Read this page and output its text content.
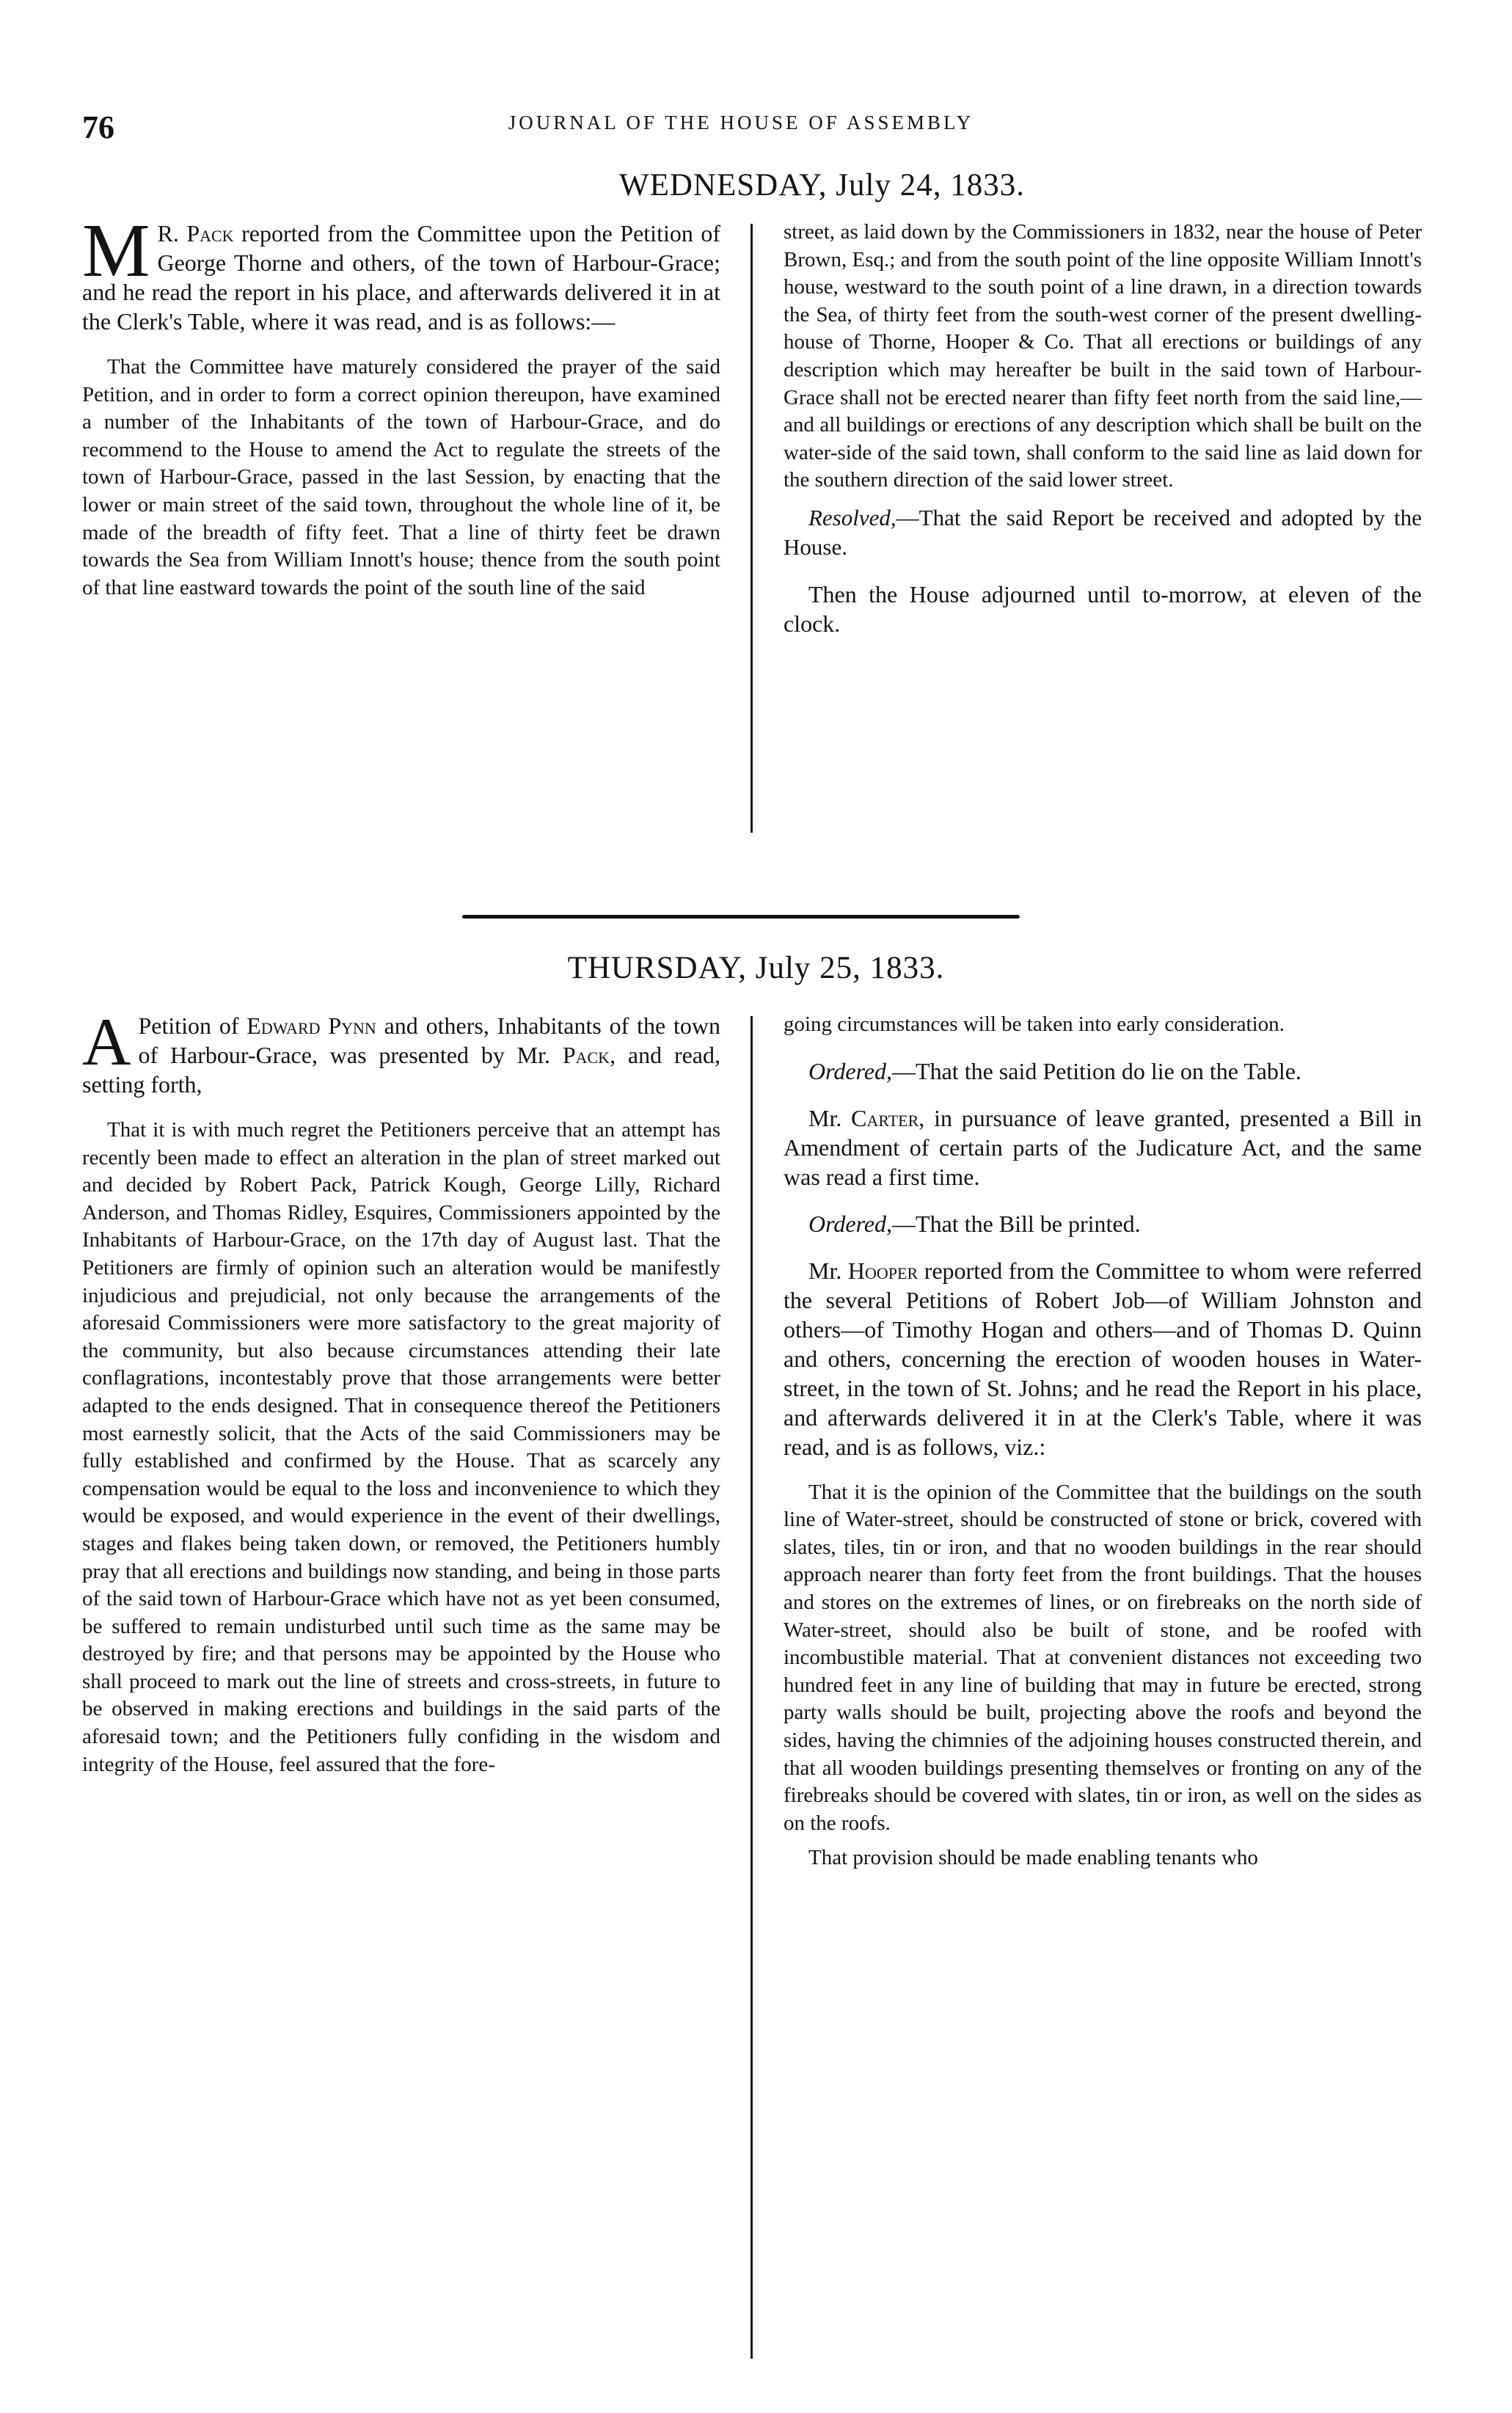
76	JOURNAL OF THE HOUSE OF ASSEMBLY
WEDNESDAY, July 24, 1833.

M R. Pack reported from the Committee upon the Petition of George Thorne and others, of the town of Harbour-Grace; and he read the report in his place, and afterwards delivered it in at the Clerk's Table, where it was read, and is as follows:—

That the Committee have maturely considered the prayer of the said Petition, and in order to form a correct opinion thereupon, have examined a number of the Inhabitants of the town of Harbour-Grace, and do recommend to the House to amend the Act to regulate the streets of the town of Harbour-Grace, passed in the last Session, by enacting that the lower or main street of the said town, throughout the whole line of it, be made of the breadth of fifty feet. That a line of thirty feet be drawn towards the Sea from William Innott's house; thence from the south point of that line eastward towards the point of the south line of the said

street, as laid down by the Commissioners in 1832, near the house of Peter Brown, Esq.; and from the south point of the line opposite William Innott's house, westward to the south point of a line drawn, in a direction towards the Sea, of thirty feet from the south-west corner of the present dwelling-house of Thorne, Hooper & Co. That all erections or buildings of any description which may hereafter be built in the said town of Harbour-Grace shall not be erected nearer than fifty feet north from the said line,—and all buildings or erections of any description which shall be built on the water-side of the said town, shall conform to the said line as laid down for the southern direction of the said lower street.

Resolved,—That the said Report be received and adopted by the House.

Then the House adjourned until to-morrow, at eleven of the clock.

THURSDAY, July 25, 1833.

A Petition of Edward Pynn and others, Inhabitants of the town of Harbour-Grace, was presented by Mr. Pack, and read, setting forth,

That it is with much regret the Petitioners perceive that an attempt has recently been made to effect an alteration in the plan of street marked out and decided by Robert Pack, Patrick Kough, George Lilly, Richard Anderson, and Thomas Ridley, Esquires, Commissioners appointed by the Inhabitants of Harbour-Grace, on the 17th day of August last. That the Petitioners are firmly of opinion such an alteration would be manifestly injudicious and prejudicial, not only because the arrangements of the aforesaid Commissioners were more satisfactory to the great majority of the community, but also because circumstances attending their late conflagrations, incontestably prove that those arrangements were better adapted to the ends designed. That in consequence thereof the Petitioners most earnestly solicit, that the Acts of the said Commissioners may be fully established and confirmed by the House. That as scarcely any compensation would be equal to the loss and inconvenience to which they would be exposed, and would experience in the event of their dwellings, stages and flakes being taken down, or removed, the Petitioners humbly pray that all erections and buildings now standing, and being in those parts of the said town of Harbour-Grace which have not as yet been consumed, be suffered to remain undisturbed until such time as the same may be destroyed by fire; and that persons may be appointed by the House who shall proceed to mark out the line of streets and cross-streets, in future to be observed in making erections and buildings in the said parts of the aforesaid town; and the Petitioners fully confiding in the wisdom and integrity of the House, feel assured that the fore-

going circumstances will be taken into early consideration.

Ordered,—That the said Petition do lie on the Table.

Mr. Carter, in pursuance of leave granted, presented a Bill in Amendment of certain parts of the Judicature Act, and the same was read a first time.

Ordered,—That the Bill be printed.

Mr. Hooper reported from the Committee to whom were referred the several Petitions of Robert Job—of William Johnston and others—of Timothy Hogan and others—and of Thomas D. Quinn and others, concerning the erection of wooden houses in Water-street, in the town of St. Johns; and he read the Report in his place, and afterwards delivered it in at the Clerk's Table, where it was read, and is as follows, viz.:

That it is the opinion of the Committee that the buildings on the south line of Water-street, should be constructed of stone or brick, covered with slates, tiles, tin or iron, and that no wooden buildings in the rear should approach nearer than forty feet from the front buildings. That the houses and stores on the extremes of lines, or on firebreaks on the north side of Water-street, should also be built of stone, and be roofed with incombustible material. That at convenient distances not exceeding two hundred feet in any line of building that may in future be erected, strong party walls should be built, projecting above the roofs and beyond the sides, having the chimnies of the adjoining houses constructed therein, and that all wooden buildings presenting themselves or fronting on any of the firebreaks should be covered with slates, tin or iron, as well on the sides as on the roofs.

That provision should be made enabling tenants who
